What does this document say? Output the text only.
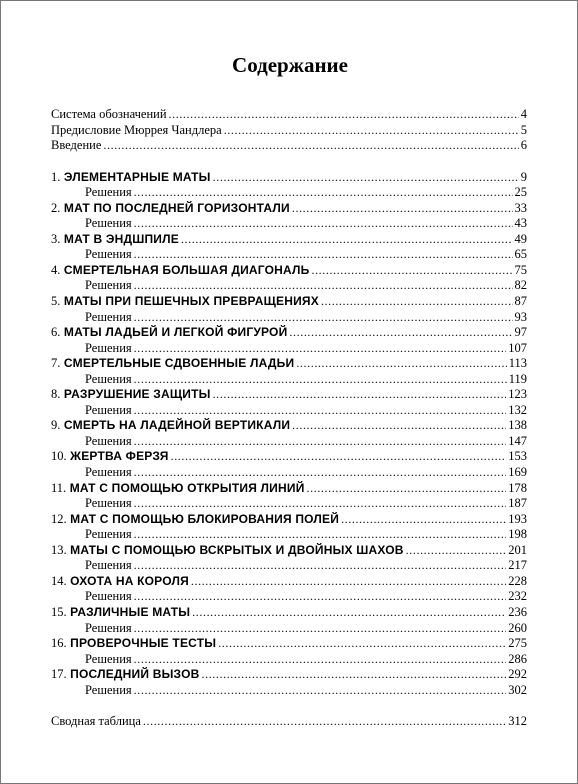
Содержание
Система обозначений .....	4
Предисловие Мюррея Чандлера .....	5
Введение .....	6
1. ЭЛЕМЕНТАРНЫЕ МАТЫ .....	9
Решения .....	25
2. МАТ ПО ПОСЛЕДНЕЙ ГОРИЗОНТАЛИ .....	33
Решения .....	43
3. МАТ В ЭНДШПИЛЕ .....	49
Решения .....	65
4. СМЕРТЕЛЬНАЯ БОЛЬШАЯ ДИАГОНАЛЬ .....	75
Решения .....	82
5. МАТЫ ПРИ ПЕШЕЧНЫХ ПРЕВРАЩЕНИЯХ .....	87
Решения .....	93
6. МАТЫ ЛАДЬЕЙ И ЛЕГКОЙ ФИГУРОЙ .....	97
Решения .....	107
7. СМЕРТЕЛЬНЫЕ СДВОЕННЫЕ ЛАДЬИ .....	113
Решения .....	119
8. РАЗРУШЕНИЕ ЗАЩИТЫ .....	123
Решения .....	132
9. СМЕРТЬ НА ЛАДЕЙНОЙ ВЕРТИКАЛИ .....	138
Решения .....	147
10. ЖЕРТВА ФЕРЗЯ .....	153
Решения .....	169
11. МАТ С ПОМОЩЬЮ ОТКРЫТИЯ ЛИНИЙ .....	178
Решения .....	187
12. МАТ С ПОМОЩЬЮ БЛОКИРОВАНИЯ ПОЛЕЙ .....	193
Решения .....	198
13. МАТЫ С ПОМОЩЬЮ ВСКРЫТЫХ И ДВОЙНЫХ ШАХОВ .....	201
Решения .....	217
14. ОХОТА НА КОРОЛЯ .....	228
Решения .....	232
15. РАЗЛИЧНЫЕ МАТЫ .....	236
Решения .....	260
16. ПРОВЕРОЧНЫЕ ТЕСТЫ .....	275
Решения .....	286
17. ПОСЛЕДНИЙ ВЫЗОВ .....	292
Решения .....	302
Сводная таблица .....	312
